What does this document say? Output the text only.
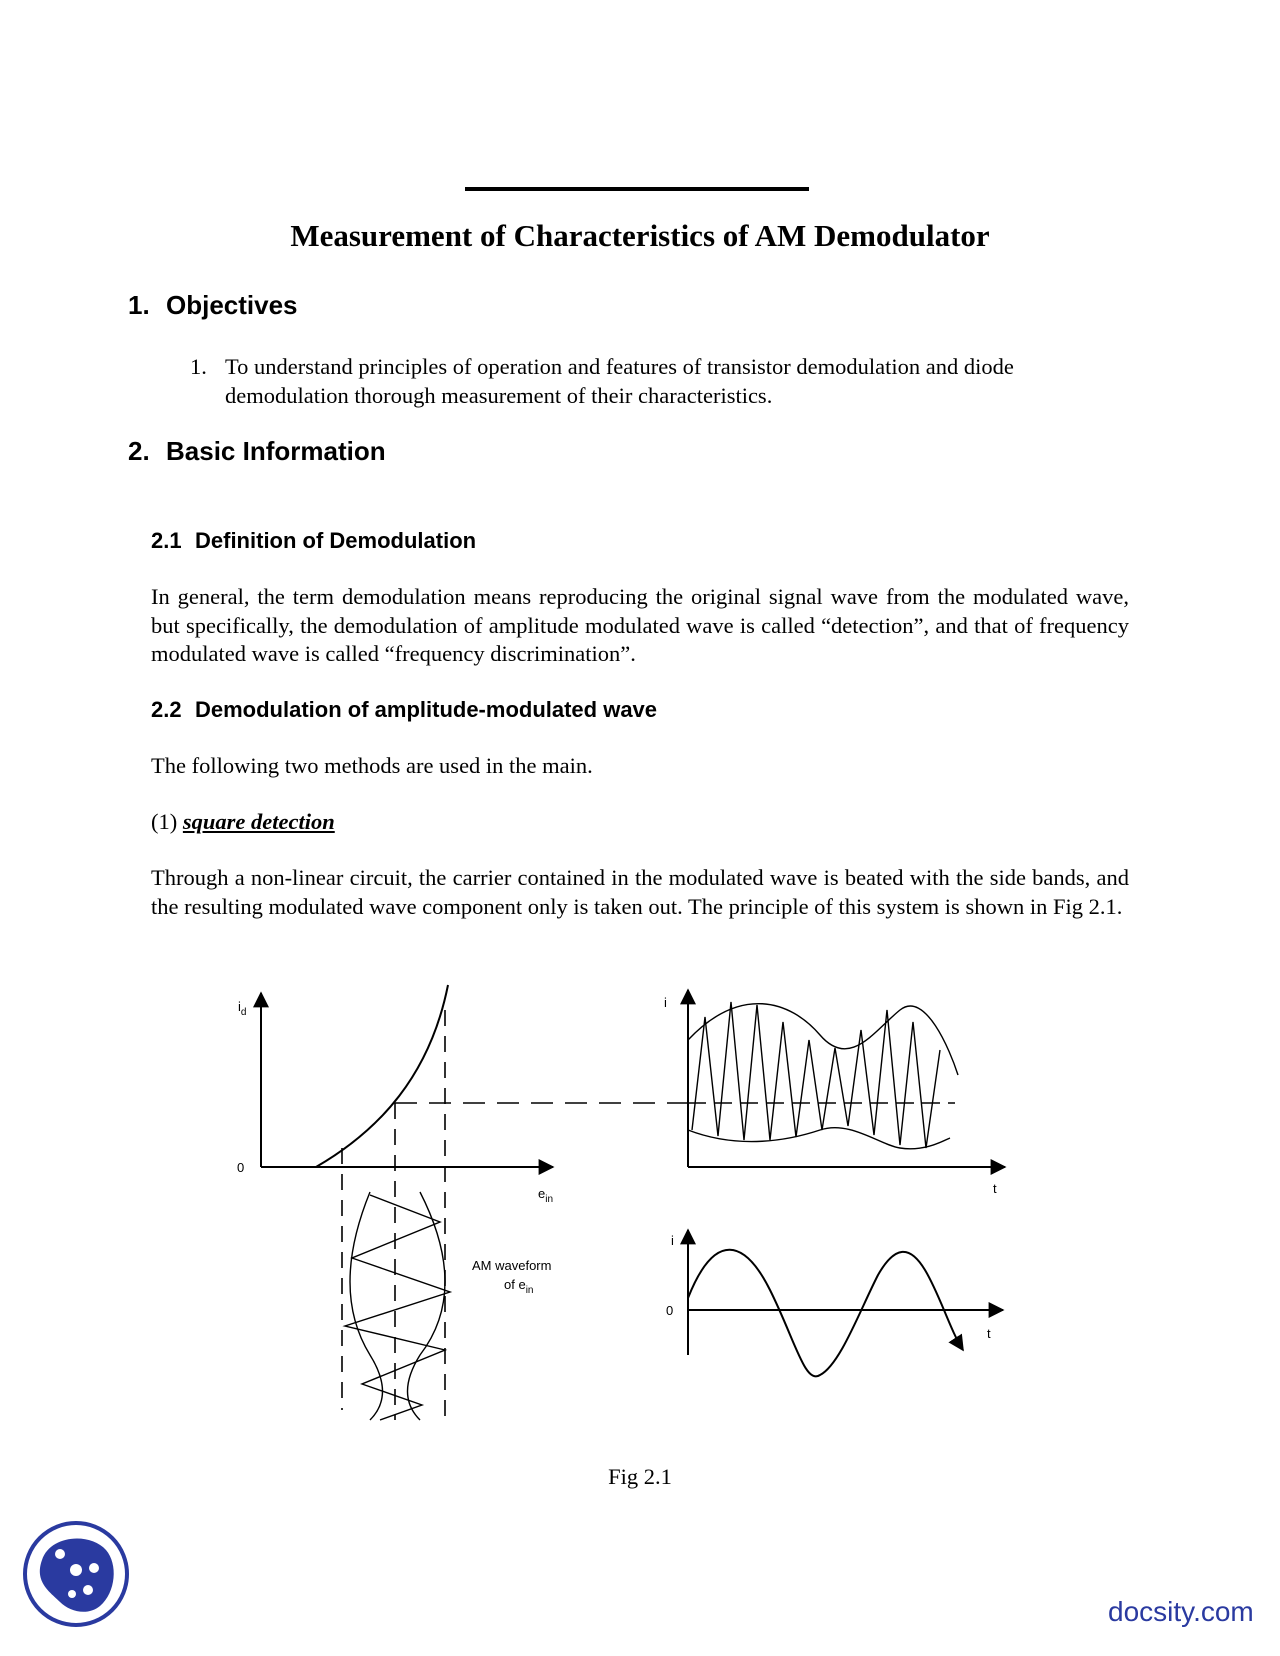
Measurement of Characteristics of AM Demodulator
1. Objectives
1. To understand principles of operation and features of transistor demodulation and diode demodulation thorough measurement of their characteristics.
2. Basic Information
2.1 Definition of Demodulation

In general, the term demodulation means reproducing the original signal wave from the modulated wave, but specifically, the demodulation of amplitude modulated wave is called “detection”, and that of frequency modulated wave is called “frequency discrimination”.

2.2 Demodulation of amplitude-modulated wave

The following two methods are used in the main.

(1) square detection

Through a non-linear circuit, the carrier contained in the modulated wave is beated with the side bands, and the resulting modulated wave component only is taken out. The principle of this system is shown in Fig 2.1.

$i_d$
0
$e_{in}$
AM waveform
of $e_{in}$
i
t
i
0
t
Fig 2.1
docsity.com
